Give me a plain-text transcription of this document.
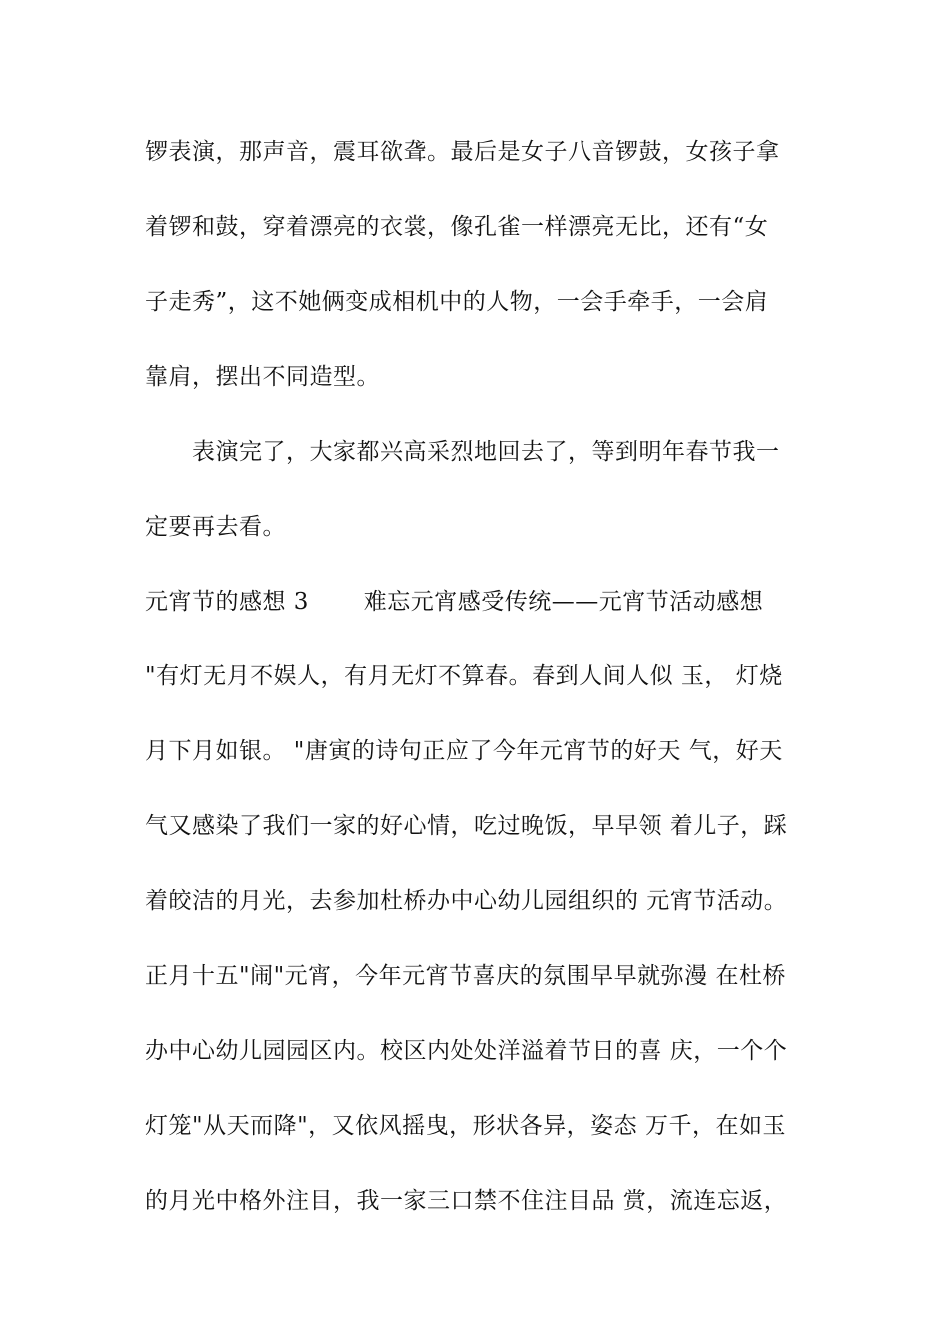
锣表演，那声音，震耳欲聋。最后是女子八音锣鼓，女孩子拿
着锣和鼓，穿着漂亮的衣裳，像孔雀一样漂亮无比，还有“女
子走秀”，这不她俩变成相机中的人物，一会手牵手，一会肩
靠肩，摆出不同造型。
表演完了，大家都兴高采烈地回去了，等到明年春节我一
定要再去看。
元宵节的感想 3　　 难忘元宵感受传统——元宵节活动感想
"有灯无月不娱人，有月无灯不算春。春到人间人似 玉， 灯烧
月下月如银。 "唐寅的诗句正应了今年元宵节的好天 气，好天
气又感染了我们一家的好心情，吃过晚饭，早早领 着儿子，踩
着皎洁的月光，去参加杜桥办中心幼儿园组织的 元宵节活动。
正月十五"闹"元宵，今年元宵节喜庆的氛围早早就弥漫 在杜桥
办中心幼儿园园区内。校区内处处洋溢着节日的喜 庆，一个个
灯笼"从天而降"，又依风摇曳，形状各异，姿态 万千，在如玉
的月光中格外注目，我一家三口禁不住注目品 赏，流连忘返，
